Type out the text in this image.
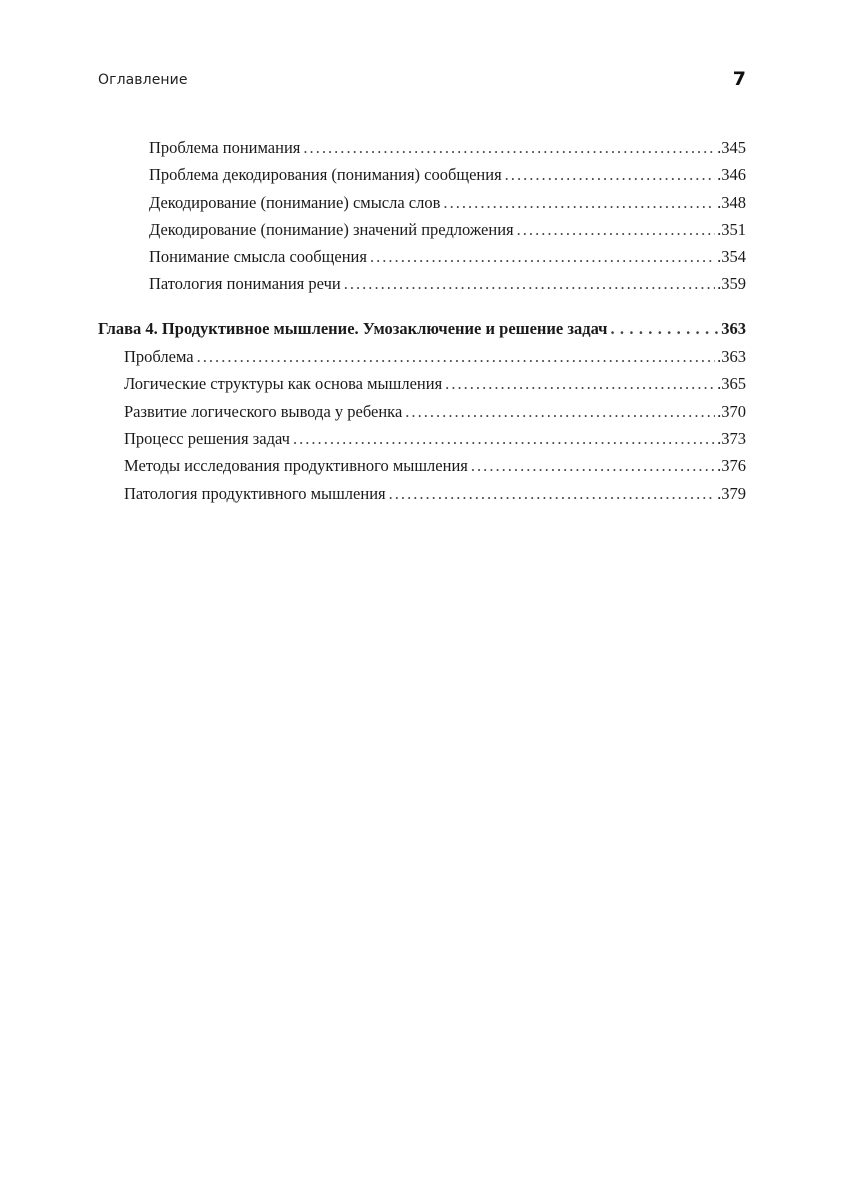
Оглавление	7
Проблема понимания . . .	.345
Проблема декодирования (понимания) сообщения . . .	.346
Декодирование (понимание) смысла слов . . .	.348
Декодирование (понимание) значений предложения . . .	.351
Понимание смысла сообщения . . .	.354
Патология понимания речи . . .	.359
Глава 4. Продуктивное мышление. Умозаключение и решение задач . . .	363
Проблема . . .	.363
Логические структуры как основа мышления . . .	.365
Развитие логического вывода у ребенка . . .	.370
Процесс решения задач . . .	.373
Методы исследования продуктивного мышления . . .	.376
Патология продуктивного мышления . . .	.379
